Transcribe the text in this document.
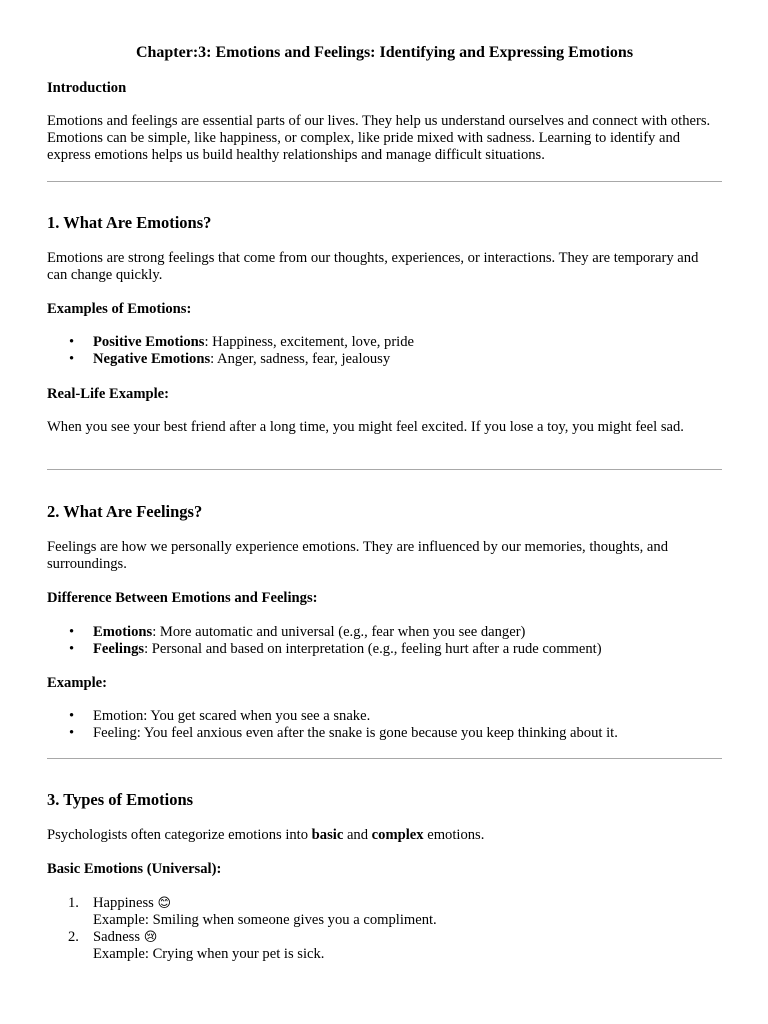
Chapter:3: Emotions and Feelings: Identifying and Expressing Emotions

Introduction

Emotions and feelings are essential parts of our lives. They help us understand ourselves and connect with others. Emotions can be simple, like happiness, or complex, like pride mixed with sadness. Learning to identify and express emotions helps us build healthy relationships and manage difficult situations.

1. What Are Emotions?

Emotions are strong feelings that come from our thoughts, experiences, or interactions. They are temporary and can change quickly.

Examples of Emotions:

• Positive Emotions: Happiness, excitement, love, pride
• Negative Emotions: Anger, sadness, fear, jealousy

Real-Life Example:

When you see your best friend after a long time, you might feel excited. If you lose a toy, you might feel sad.

2. What Are Feelings?

Feelings are how we personally experience emotions. They are influenced by our memories, thoughts, and surroundings.

Difference Between Emotions and Feelings:

• Emotions: More automatic and universal (e.g., fear when you see danger)
• Feelings: Personal and based on interpretation (e.g., feeling hurt after a rude comment)

Example:

• Emotion: You get scared when you see a snake.
• Feeling: You feel anxious even after the snake is gone because you keep thinking about it.
3. Types of Emotions

Psychologists often categorize emotions into basic and complex emotions.

Basic Emotions (Universal):

1. Happiness 😊
Example: Smiling when someone gives you a compliment.
2. Sadness 😢
Example: Crying when your pet is sick.
